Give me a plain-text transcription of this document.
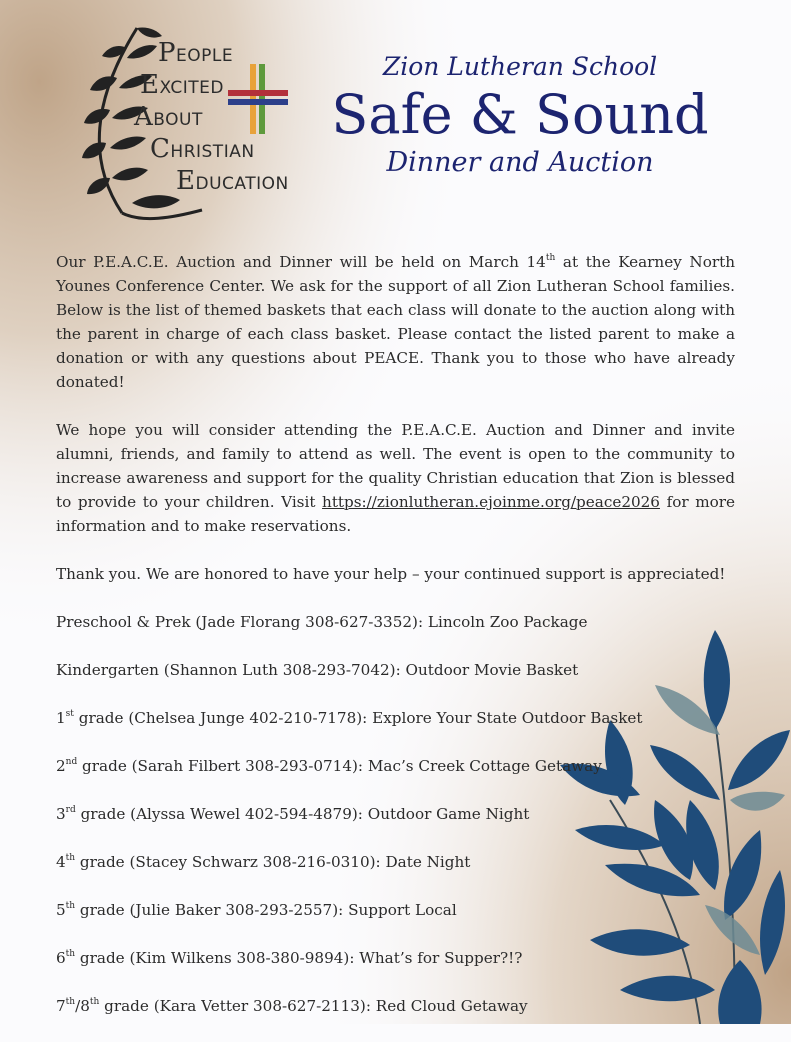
PEOPLE
EXCITED
ABOUT
CHRISTIAN
EDUCATION
Zion Lutheran School
Safe & Sound
Dinner and Auction

Our P.E.A.C.E. Auction and Dinner will be held on March 14th at the Kearney North Younes Conference Center. We ask for the support of all Zion Lutheran School families. Below is the list of themed baskets that each class will donate to the auction along with the parent in charge of each class basket. Please contact the listed parent to make a donation or with any questions about PEACE. Thank you to those who have already donated!

We hope you will consider attending the P.E.A.C.E. Auction and Dinner and invite alumni, friends, and family to attend as well. The event is open to the community to increase awareness and support for the quality Christian education that Zion is blessed to provide to your children. Visit https://zionlutheran.ejoinme.org/peace2026 for more information and to make reservations.

Thank you. We are honored to have your help – your continued support is appreciated!

Preschool & Prek (Jade Florang 308-627-3352): Lincoln Zoo Package
Kindergarten (Shannon Luth 308-293-7042): Outdoor Movie Basket
1st grade (Chelsea Junge 402-210-7178): Explore Your State Outdoor Basket
2nd grade (Sarah Filbert 308-293-0714): Mac’s Creek Cottage Getaway
3rd grade (Alyssa Wewel 402-594-4879): Outdoor Game Night
4th grade (Stacey Schwarz 308-216-0310): Date Night
5th grade (Julie Baker 308-293-2557): Support Local
6th grade (Kim Wilkens 308-380-9894): What’s for Supper?!?
7th/8th grade (Kara Vetter 308-627-2113): Red Cloud Getaway
